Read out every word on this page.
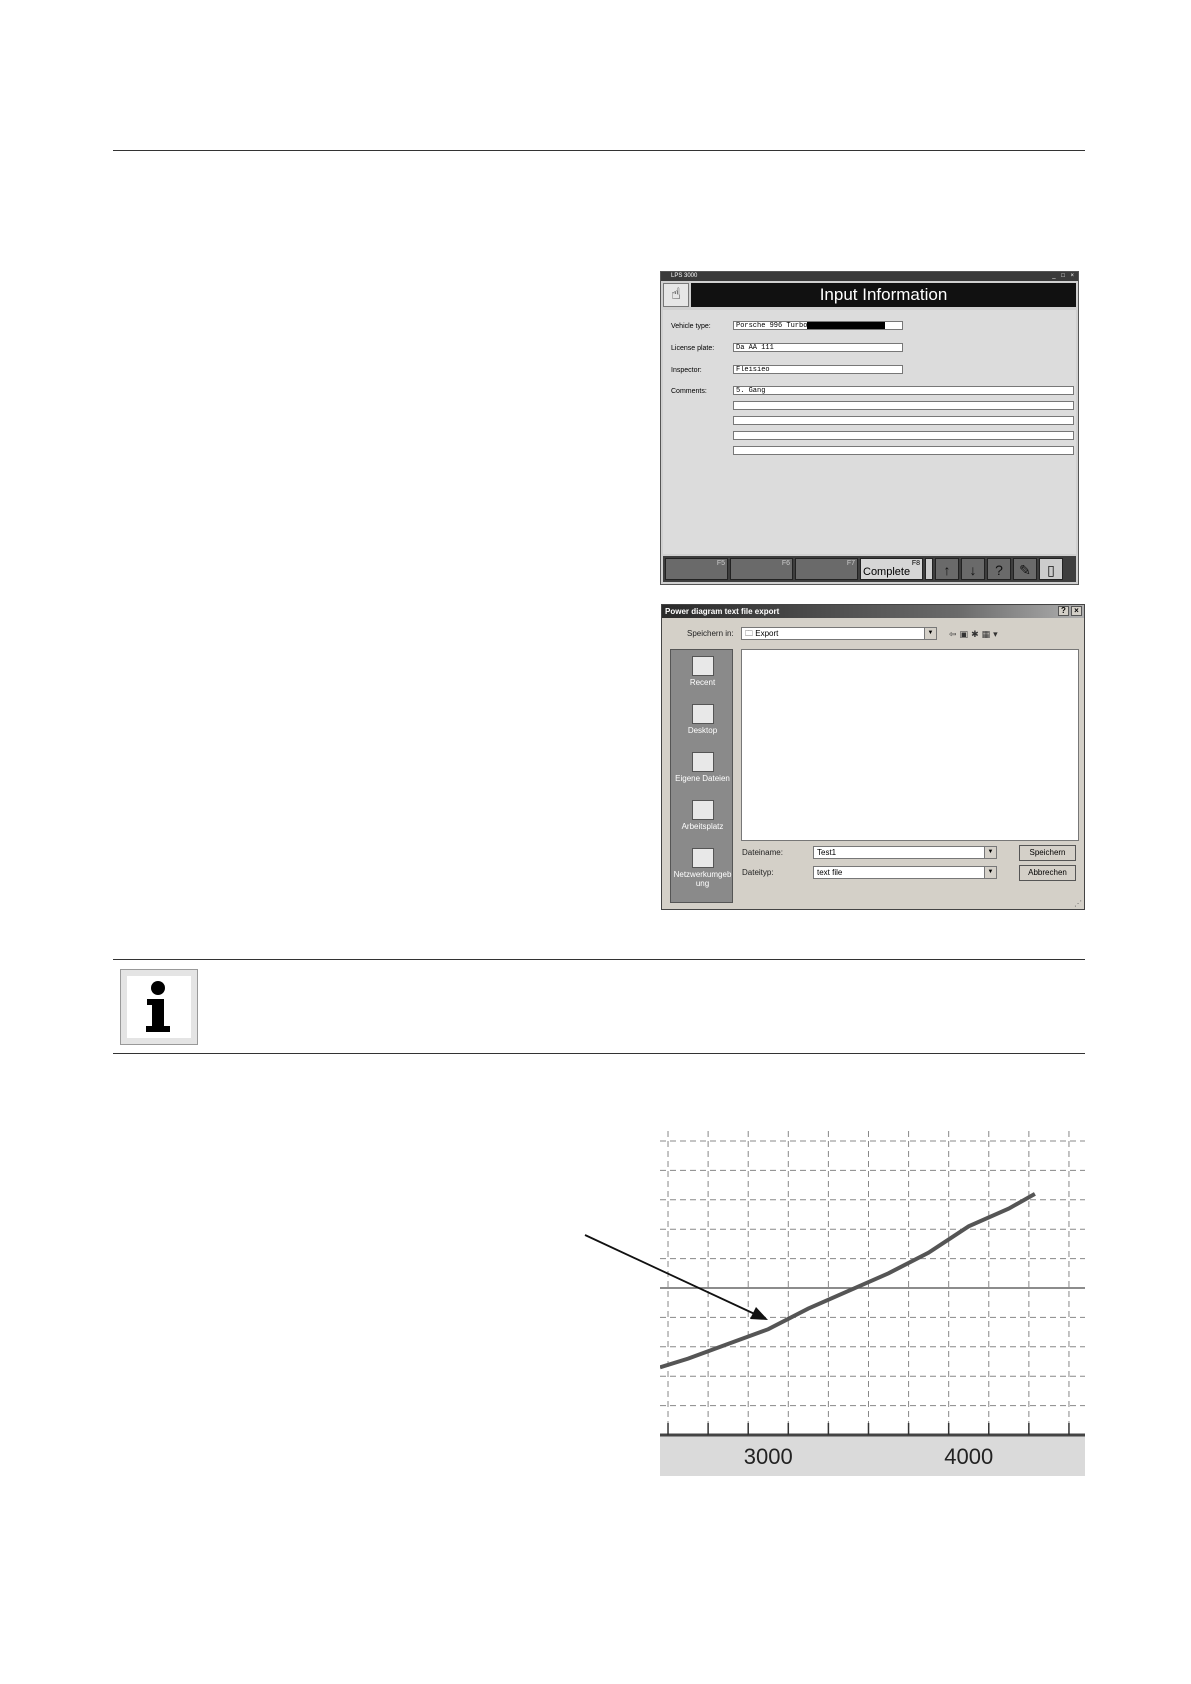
LPS 3000	_ □ ×
☝	Input Information
Vehicle type:	Porsche 996 Turbo
License plate:	Da AA 111
Inspector:	Fleisieo
Comments:	5. Gang
F5	F6	F7
Complete
F8	↑	↓	?	✎	▯
Power diagram text file export	?	×
Speichern in:	🗀 Export	▼ ⇦▣✱▦▾
Recent
Desktop
Eigene Dateien
Arbeitsplatz
Netzwerkumgeb ung
Dateiname:	Test1	▼
Dateityp:	text file	▼
Speichern
Abbrechen
⋰
3000	4000
